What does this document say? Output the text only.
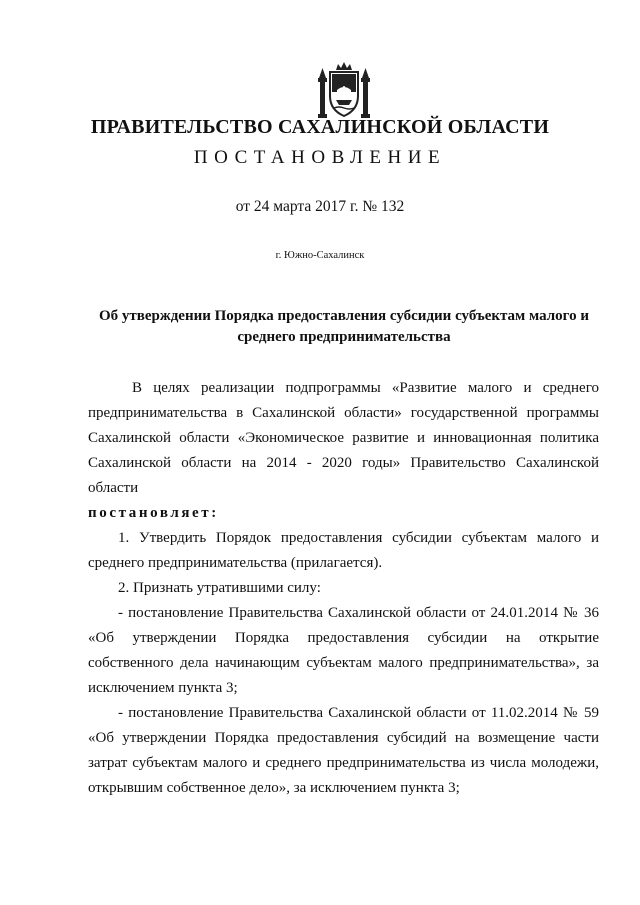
ПРАВИТЕЛЬСТВО САХАЛИНСКОЙ ОБЛАСТИ
ПОСТАНОВЛЕНИЕ
от 24 марта 2017 г. № 132
г. Южно-Сахалинск
Об утверждении Порядка предоставления субсидии субъектам малого и среднего предпринимательства

В целях реализации подпрограммы «Развитие малого и среднего предпринимательства в Сахалинской области» государственной программы Сахалинской области «Экономическое развитие и инновационная политика Сахалинской области на 2014 - 2020 годы» Правительство Сахалинской области

постановляет:

1. Утвердить Порядок предоставления субсидии субъектам малого и среднего предпринимательства (прилагается).

2. Признать утратившими силу:

- постановление Правительства Сахалинской области от 24.01.2014 № 36 «Об утверждении Порядка предоставления субсидии на открытие собственного дела начинающим субъектам малого предпринимательства», за исключением пункта 3;

- постановление Правительства Сахалинской области от 11.02.2014 № 59 «Об утверждении Порядка предоставления субсидий на возмещение части затрат субъектам малого и среднего предпринимательства из числа молодежи, открывшим собственное дело», за исключением пункта 3;
